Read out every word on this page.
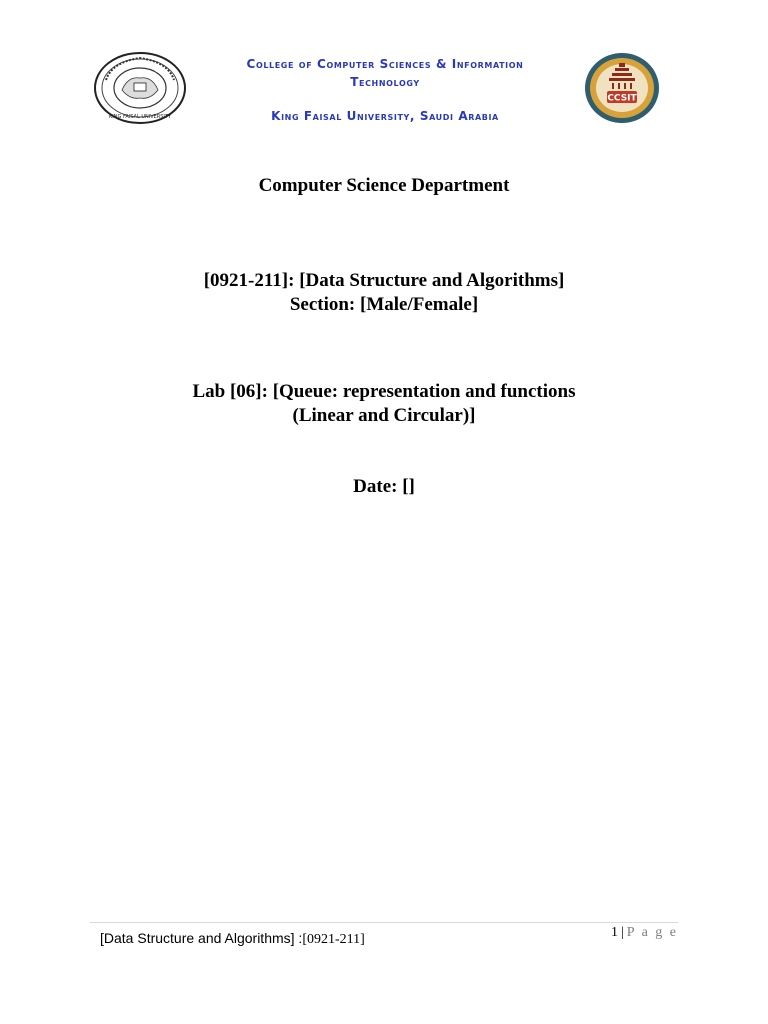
KING FAISAL UNIVERSITY
College of Computer Sciences & Information
Technology
King Faisal University, Saudi Arabia
CCSIT
Computer Science Department
[0921-211]: [Data Structure and Algorithms]
Section: [Male/Female]
Lab [06]: [Queue: representation and functions
(Linear and Circular)]
Date: []
[Data Structure and Algorithms] :[0921-211]	1 | P a g e
